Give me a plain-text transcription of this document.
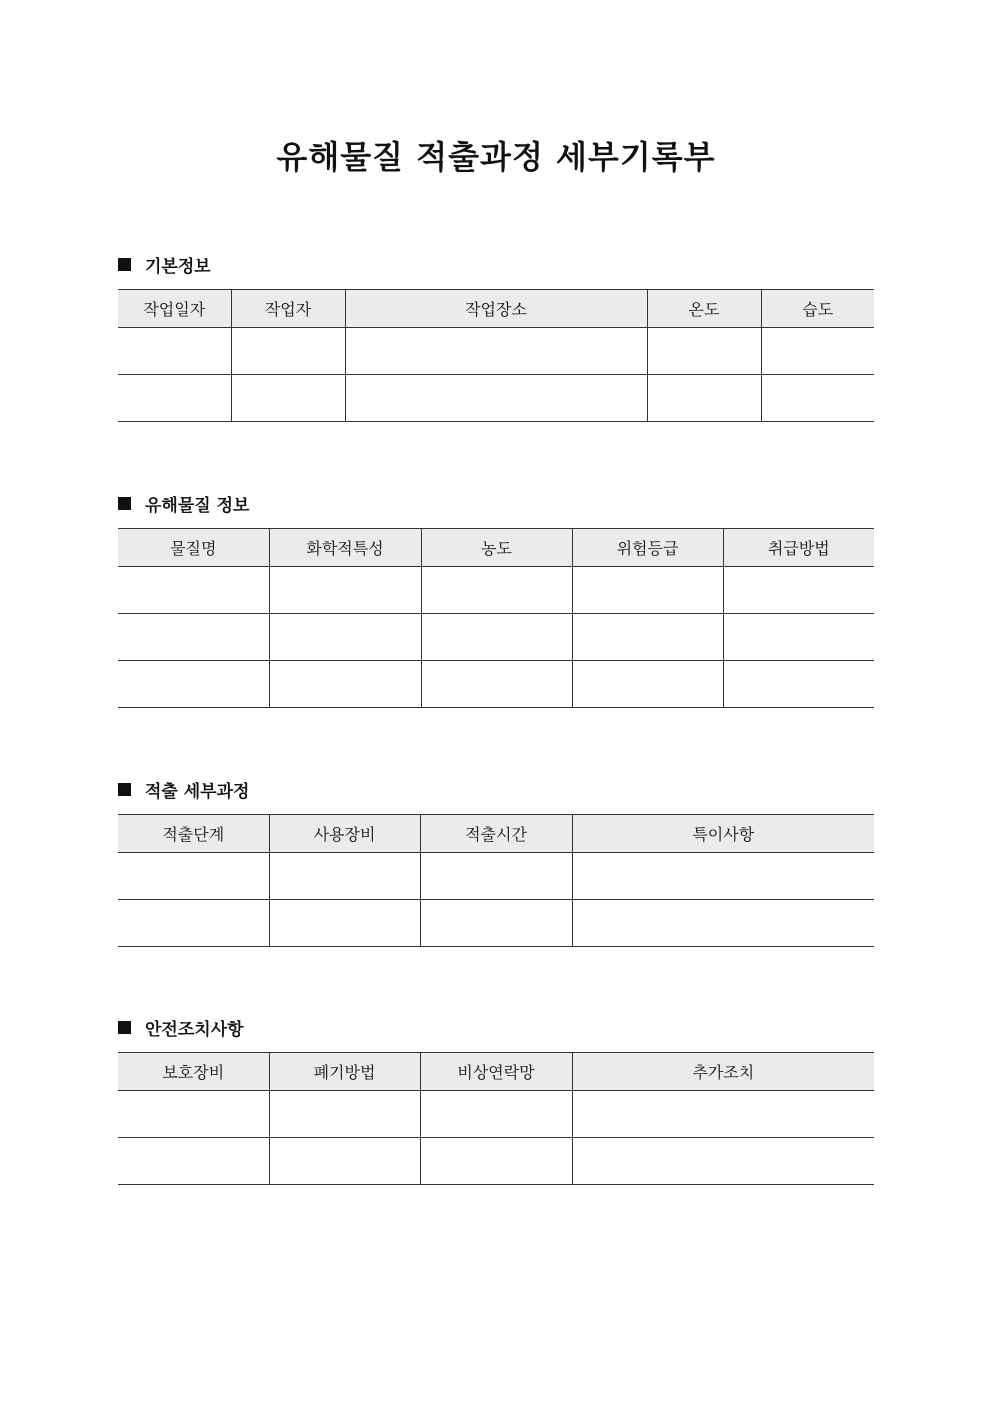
유해물질 적출과정 세부기록부
기본정보
작업일자	작업자	작업장소	온도	습도

유해물질 정보
물질명	화학적특성	농도	위험등급	취급방법

적출 세부과정
적출단계	사용장비	적출시간	특이사항

안전조치사항
보호장비	폐기방법	비상연락망	추가조치
